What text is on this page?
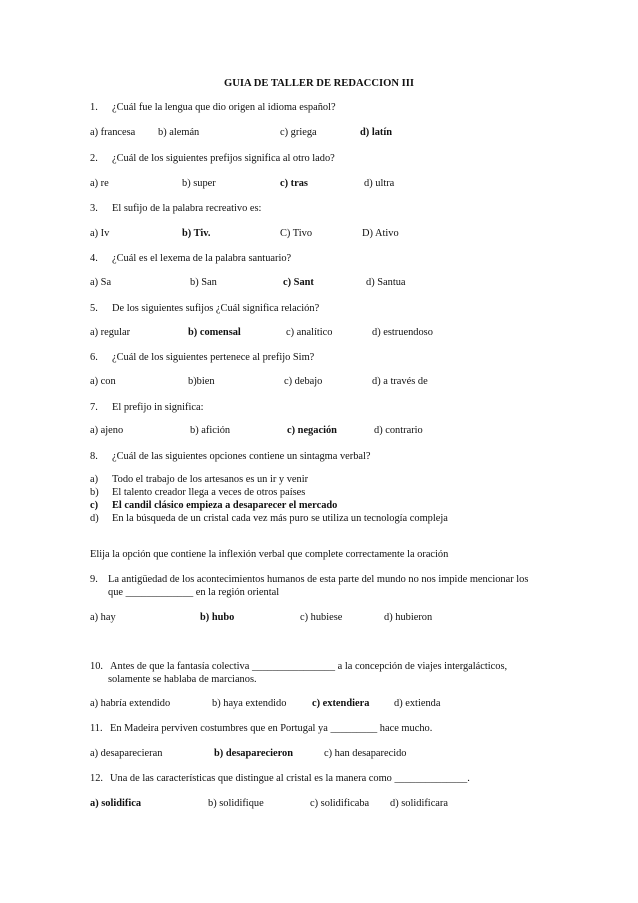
GUIA DE TALLER DE REDACCION III
1. ¿Cuál fue la lengua que dio origen al idioma español?
a) francesa b) alemán	c) griega	d) latín
2. ¿Cuál de los siguientes prefijos significa al otro lado?
a) re	b) super	c) tras	d) ultra
3. El sufijo de la palabra recreativo es:
a) Iv	b) Tiv.	C) Tivo	D) Ativo
4. ¿Cuál es el lexema de la palabra santuario?
a) Sa	b) San	c) Sant	d) Santua
5. De los siguientes sufijos ¿Cuál significa relación?
a) regular	b) comensal	c) analítico	d) estruendoso
6. ¿Cuál de los siguientes pertenece al prefijo Sim?
a) con	b)bien	c) debajo	d) a través de
7. El prefijo in significa:
a) ajeno	b) afición	c) negación	d) contrario
8. ¿Cuál de las siguientes opciones contiene un sintagma verbal?
a) Todo el trabajo de los artesanos es un ir y venir
b) El talento creador llega a veces de otros países
c) El candil clásico empieza a desaparecer el mercado
d) En la búsqueda de un cristal cada vez más puro se utiliza un tecnología compleja
Elija la opción que contiene la inflexión verbal que complete correctamente la oración
9. La antigüedad de los acontecimientos humanos de esta parte del mundo no nos impide mencionar los
que _____________ en la región oriental
a) hay	b) hubo	c) hubiese	d) hubieron
10. Antes de que la fantasía colectiva ________________ a la concepción de viajes intergalácticos,
solamente se hablaba de marcianos.
a) habría extendido	b) haya extendido c) extendiera d) extienda
11. En Madeira perviven costumbres que en Portugal ya _________ hace mucho.
a) desaparecieran	b) desaparecieron	c) han desaparecido
12. Una de las características que distingue al cristal es la manera como ______________.
a) solidifica	b) solidifique	c) solidificaba d) solidificara
